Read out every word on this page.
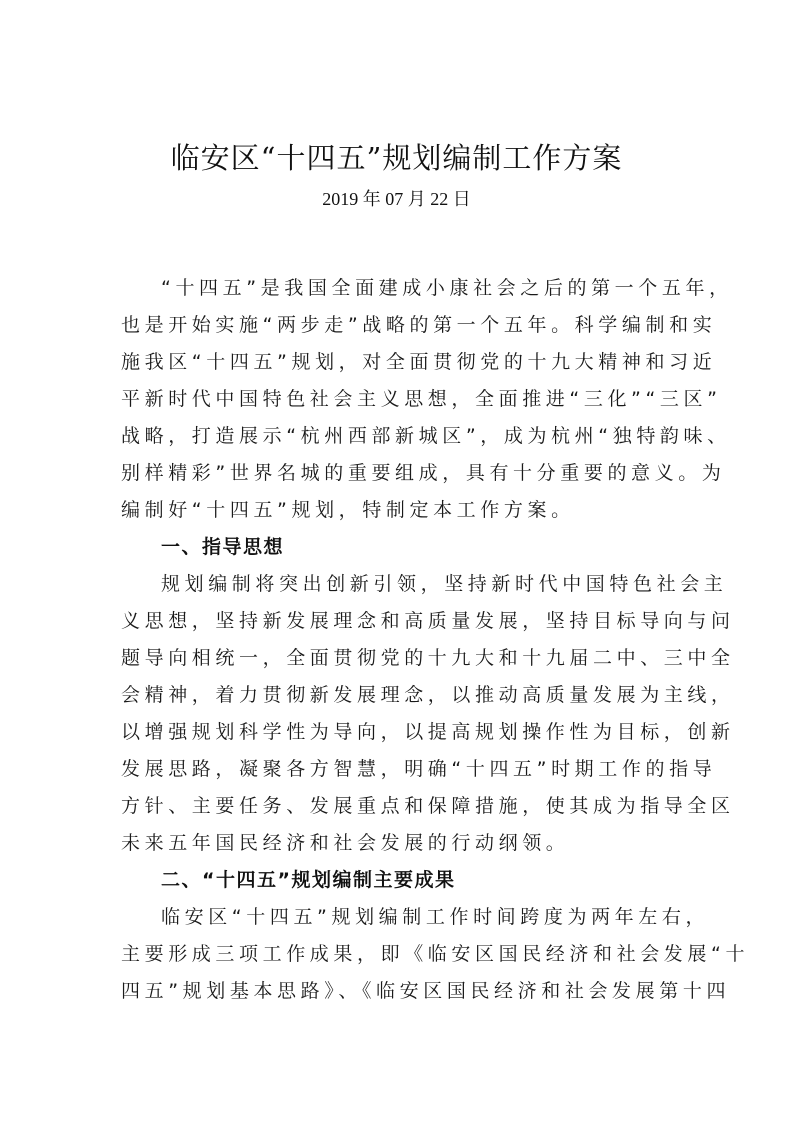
临安区“十四五”规划编制工作方案
2019 年 07 月 22 日
“十四五”是我国全面建成小康社会之后的第一个五年，
也是开始实施“两步走”战略的第一个五年。科学编制和实
施我区“十四五”规划，对全面贯彻党的十九大精神和习近
平新时代中国特色社会主义思想，全面推进“三化”“三区”
战略，打造展示“杭州西部新城区”，成为杭州“独特韵味、
别样精彩”世界名城的重要组成，具有十分重要的意义。为
编制好“十四五”规划，特制定本工作方案。
一、指导思想
规划编制将突出创新引领，坚持新时代中国特色社会主
义思想，坚持新发展理念和高质量发展，坚持目标导向与问
题导向相统一，全面贯彻党的十九大和十九届二中、三中全
会精神，着力贯彻新发展理念，以推动高质量发展为主线，
以增强规划科学性为导向，以提高规划操作性为目标，创新
发展思路，凝聚各方智慧，明确“十四五”时期工作的指导
方针、主要任务、发展重点和保障措施，使其成为指导全区
未来五年国民经济和社会发展的行动纲领。
二、“十四五”规划编制主要成果
临安区“十四五”规划编制工作时间跨度为两年左右，
主要形成三项工作成果，即《临安区国民经济和社会发展“十
四五”规划基本思路》、《临安区国民经济和社会发展第十四
